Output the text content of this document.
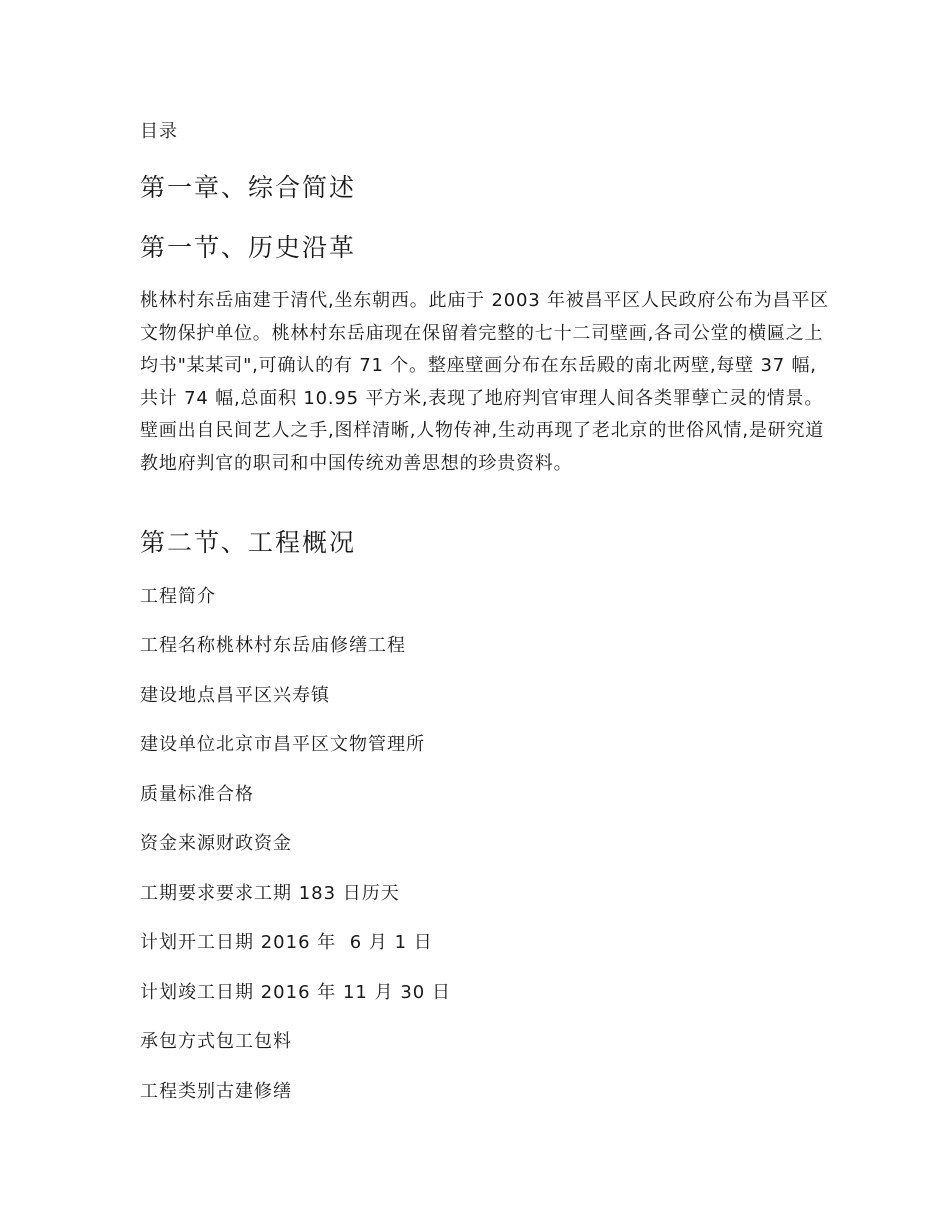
目录

第一章、综合简述
第一节、历史沿革

桃林村东岳庙建于清代,坐东朝西。此庙于 2003 年被昌平区人民政府公布为昌平区文物保护单位。桃林村东岳庙现在保留着完整的七十二司壁画,各司公堂的横匾之上均书"某某司",可确认的有 71 个。整座壁画分布在东岳殿的南北两壁,每壁 37 幅,共计 74 幅,总面积 10.95 平方米,表现了地府判官审理人间各类罪孽亡灵的情景。壁画出自民间艺人之手,图样清晰,人物传神,生动再现了老北京的世俗风情,是研究道教地府判官的职司和中国传统劝善思想的珍贵资料。

第二节、工程概况

工程简介

工程名称桃林村东岳庙修缮工程

建设地点昌平区兴寿镇

建设单位北京市昌平区文物管理所

质量标准合格

资金来源财政资金

工期要求要求工期 183 日历天

计划开工日期 2016 年  6 月 1 日

计划竣工日期 2016 年 11 月 30 日

承包方式包工包料

工程类别古建修缮
